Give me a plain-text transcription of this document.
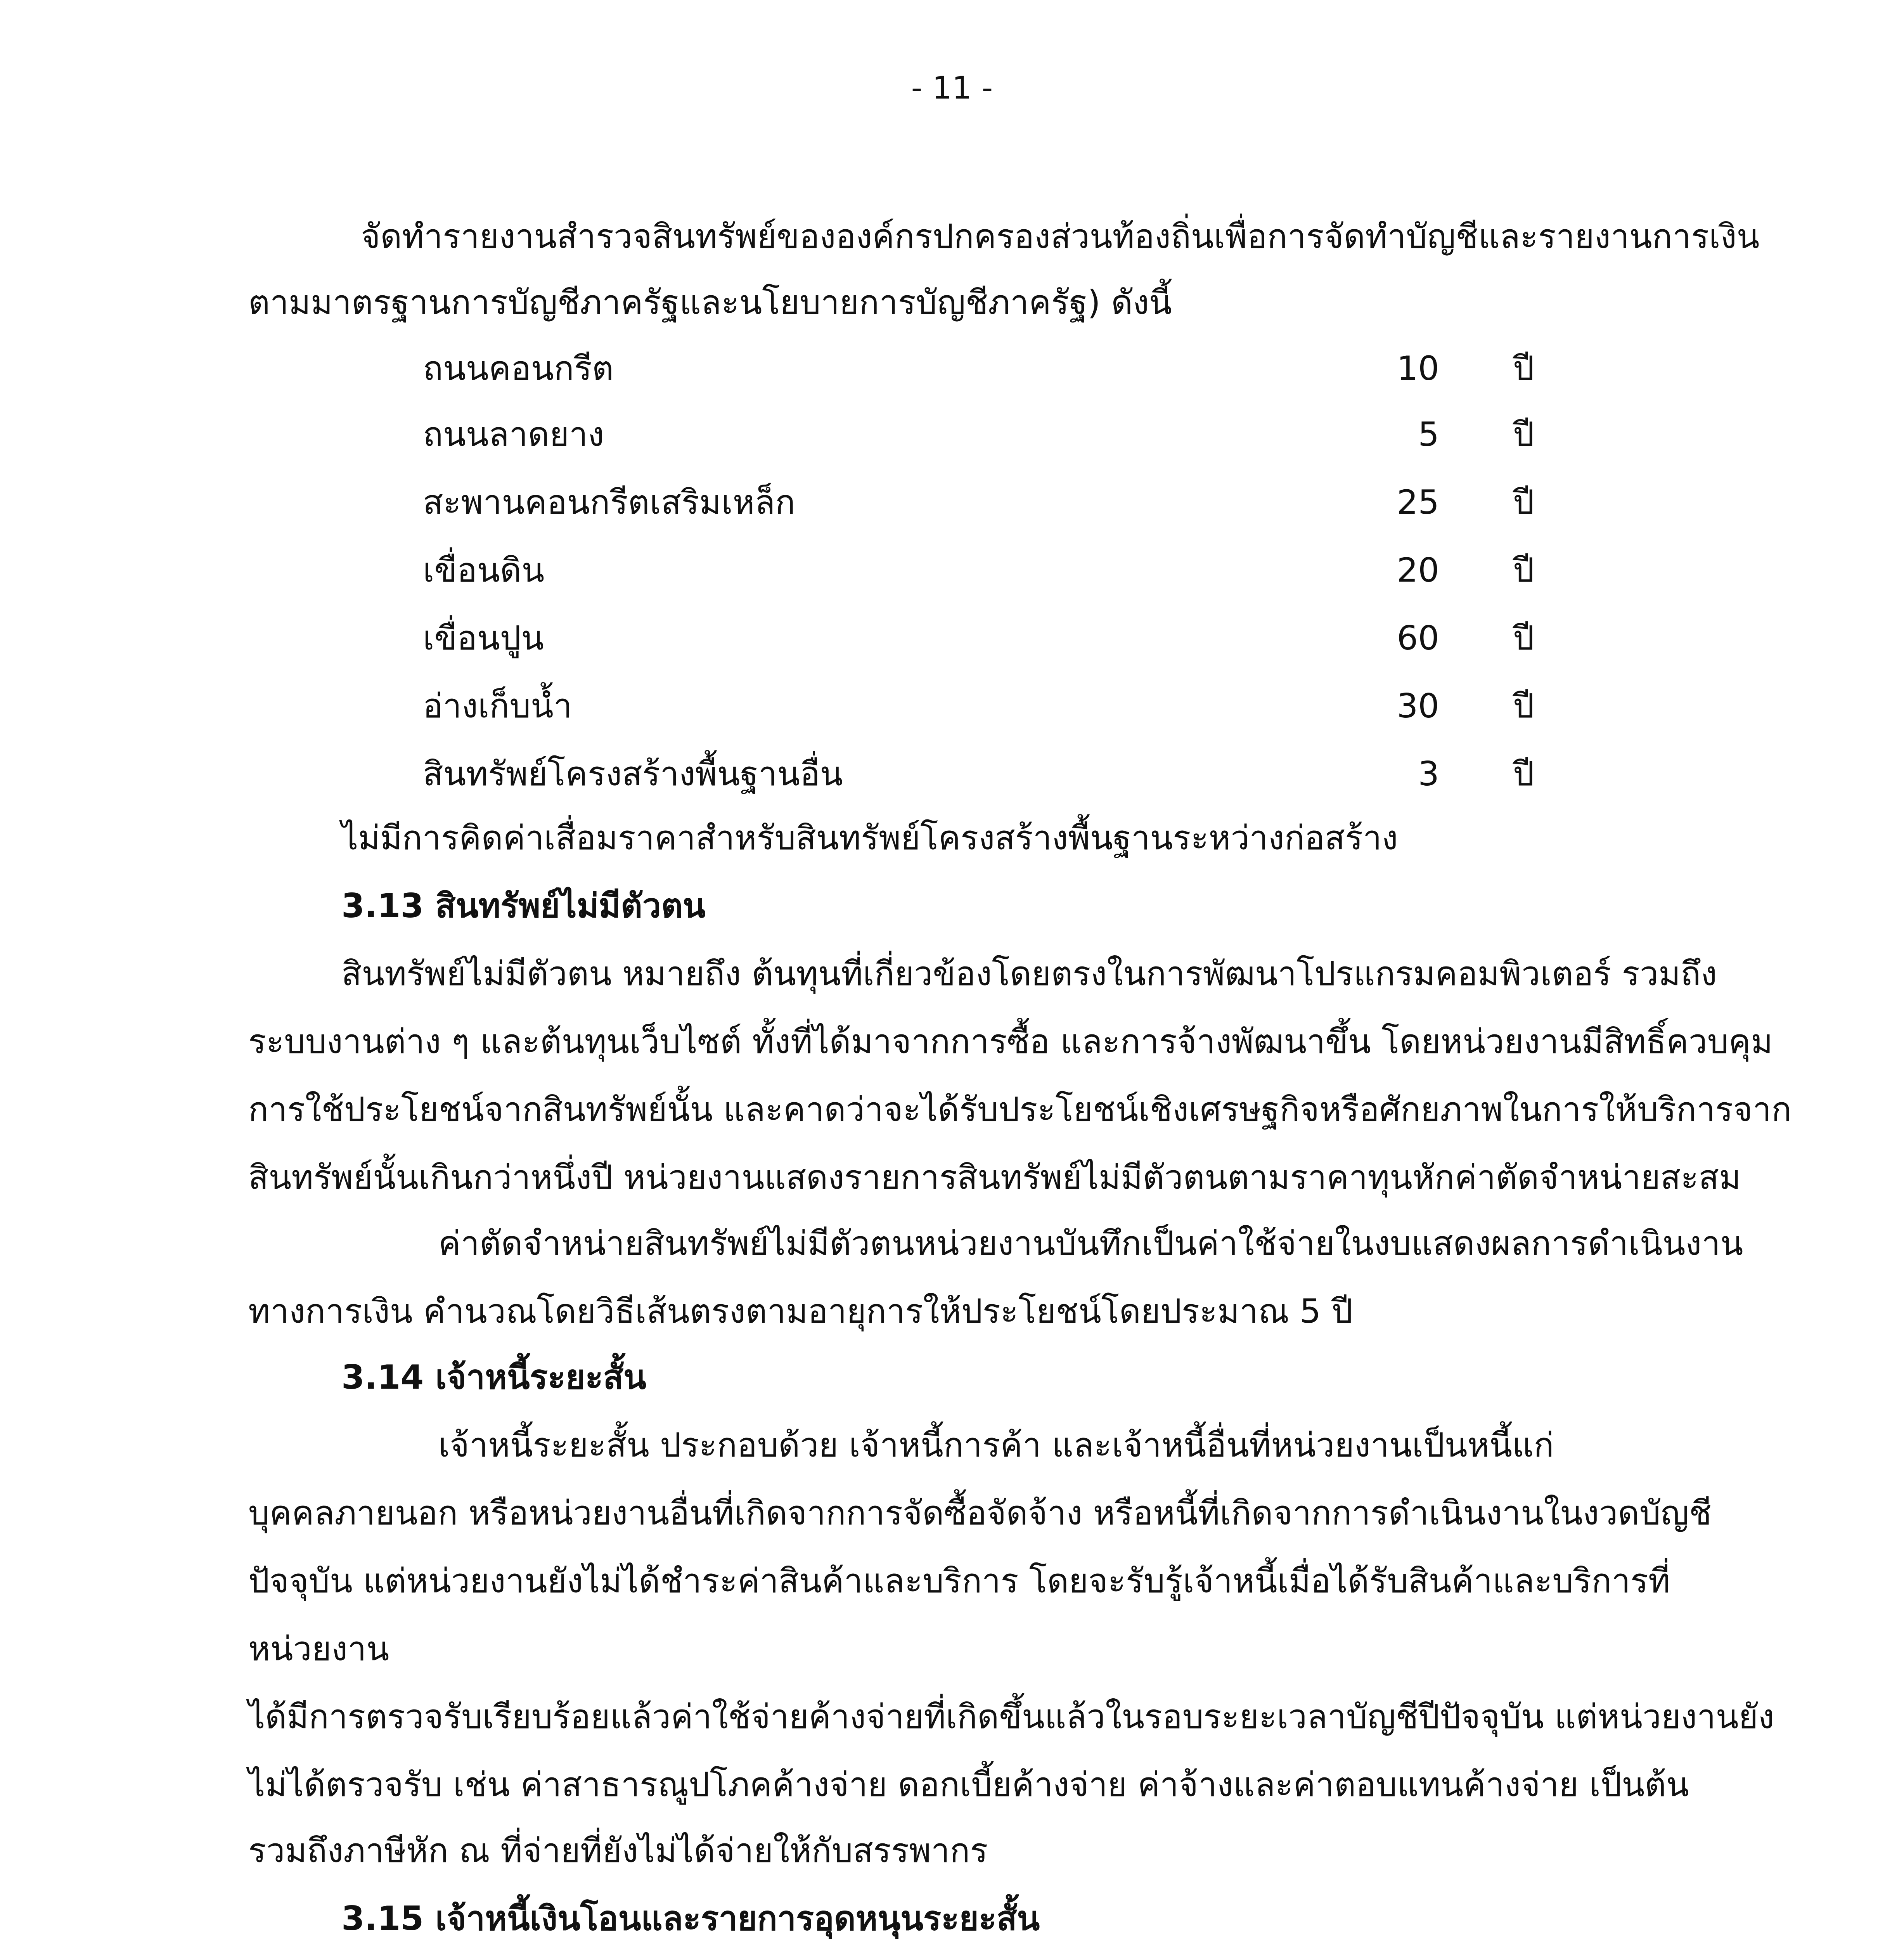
- 11 -
จัดทำรายงานสำรวจสินทรัพย์ขององค์กรปกครองส่วนท้องถิ่นเพื่อการจัดทำบัญชีและรายงานการเงิน
ตามมาตรฐานการบัญชีภาครัฐและนโยบายการบัญชีภาครัฐ) ดังนี้
ถนนคอนกรีต	10 ปี
ถนนลาดยาง	5 ปี
สะพานคอนกรีตเสริมเหล็ก	25 ปี
เขื่อนดิน	20 ปี
เขื่อนปูน	60 ปี
อ่างเก็บน้ำ	30 ปี
สินทรัพย์โครงสร้างพื้นฐานอื่น	3 ปี
ไม่มีการคิดค่าเสื่อมราคาสำหรับสินทรัพย์โครงสร้างพื้นฐานระหว่างก่อสร้าง
3.13 สินทรัพย์ไม่มีตัวตน
สินทรัพย์ไม่มีตัวตน หมายถึง ต้นทุนที่เกี่ยวข้องโดยตรงในการพัฒนาโปรแกรมคอมพิวเตอร์ รวมถึง
ระบบงานต่าง ๆ และต้นทุนเว็บไซต์ ทั้งที่ได้มาจากการซื้อ และการจ้างพัฒนาขึ้น โดยหน่วยงานมีสิทธิ์ควบคุม
การใช้ประโยชน์จากสินทรัพย์นั้น และคาดว่าจะได้รับประโยชน์เชิงเศรษฐกิจหรือศักยภาพในการให้บริการจาก
สินทรัพย์นั้นเกินกว่าหนึ่งปี หน่วยงานแสดงรายการสินทรัพย์ไม่มีตัวตนตามราคาทุนหักค่าตัดจำหน่ายสะสม
ค่าตัดจำหน่ายสินทรัพย์ไม่มีตัวตนหน่วยงานบันทึกเป็นค่าใช้จ่ายในงบแสดงผลการดำเนินงาน
ทางการเงิน คำนวณโดยวิธีเส้นตรงตามอายุการให้ประโยชน์โดยประมาณ 5 ปี
3.14 เจ้าหนี้ระยะสั้น
เจ้าหนี้ระยะสั้น ประกอบด้วย เจ้าหนี้การค้า และเจ้าหนี้อื่นที่หน่วยงานเป็นหนี้แก่
บุคคลภายนอก หรือหน่วยงานอื่นที่เกิดจากการจัดซื้อจัดจ้าง หรือหนี้ที่เกิดจากการดำเนินงานในงวดบัญชี
ปัจจุบัน แต่หน่วยงานยังไม่ได้ชำระค่าสินค้าและบริการ โดยจะรับรู้เจ้าหนี้เมื่อได้รับสินค้าและบริการที่
หน่วยงาน
ได้มีการตรวจรับเรียบร้อยแล้วค่าใช้จ่ายค้างจ่ายที่เกิดขึ้นแล้วในรอบระยะเวลาบัญชีปีปัจจุบัน แต่หน่วยงานยัง
ไม่ได้ตรวจรับ เช่น ค่าสาธารณูปโภคค้างจ่าย ดอกเบี้ยค้างจ่าย ค่าจ้างและค่าตอบแทนค้างจ่าย เป็นต้น
รวมถึงภาษีหัก ณ ที่จ่ายที่ยังไม่ได้จ่ายให้กับสรรพากร
3.15 เจ้าหนี้เงินโอนและรายการอุดหนุนระยะสั้น
